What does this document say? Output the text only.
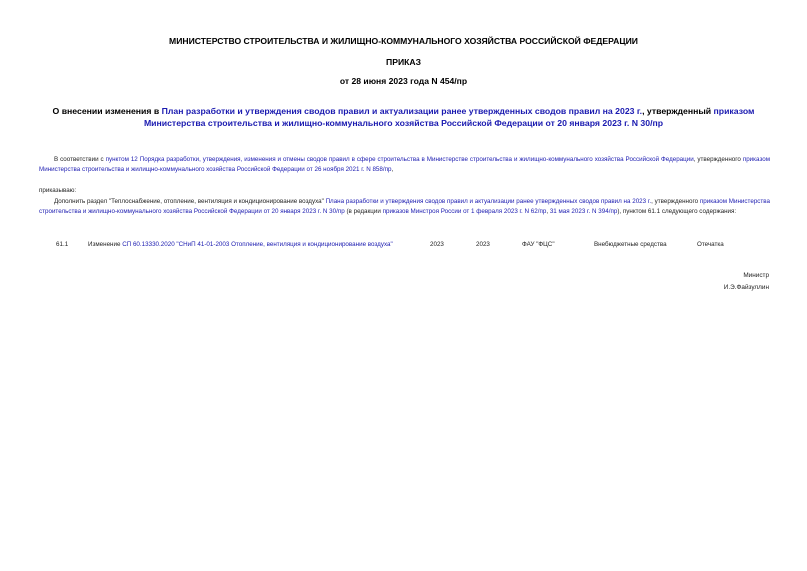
МИНИСТЕРСТВО СТРОИТЕЛЬСТВА И ЖИЛИЩНО-КОММУНАЛЬНОГО ХОЗЯЙСТВА РОССИЙСКОЙ ФЕДЕРАЦИИ
ПРИКАЗ
от 28 июня 2023 года N 454/пр
О внесении изменения в План разработки и утверждения сводов правил и актуализации ранее утвержденных сводов правил на 2023 г., утвержденный приказом Министерства строительства и жилищно-коммунального хозяйства Российской Федерации от 20 января 2023 г. N 30/пр
В соответствии с пунктом 12 Порядка разработки, утверждения, изменения и отмены сводов правил в сфере строительства в Министерстве строительства и жилищно-коммунального хозяйства Российской Федерации, утвержденного приказом Министерства строительства и жилищно-коммунального хозяйства Российской Федерации от 26 ноября 2021 г. N 858/пр,
приказываю:
Дополнить раздел "Теплоснабжение, отопление, вентиляция и кондиционирование воздуха" Плана разработки и утверждения сводов правил и актуализации ранее утвержденных сводов правил на 2023 г., утвержденного приказом Министерства строительства и жилищно-коммунального хозяйства Российской Федерации от 20 января 2023 г. N 30/пр (в редакции приказов Минстроя России от 1 февраля 2023 г. N 62/пр, 31 мая 2023 г. N 394/пр), пунктом 61.1 следующего содержания:
61.1	Изменение СП 60.13330.2020 "СНиП 41-01-2003 Отопление, вентиляция и кондиционирование воздуха"	2023	2023	ФАУ "ФЦС"	Внебюджетные средства	Отечатка
Министр
И.Э.Файзуллин
